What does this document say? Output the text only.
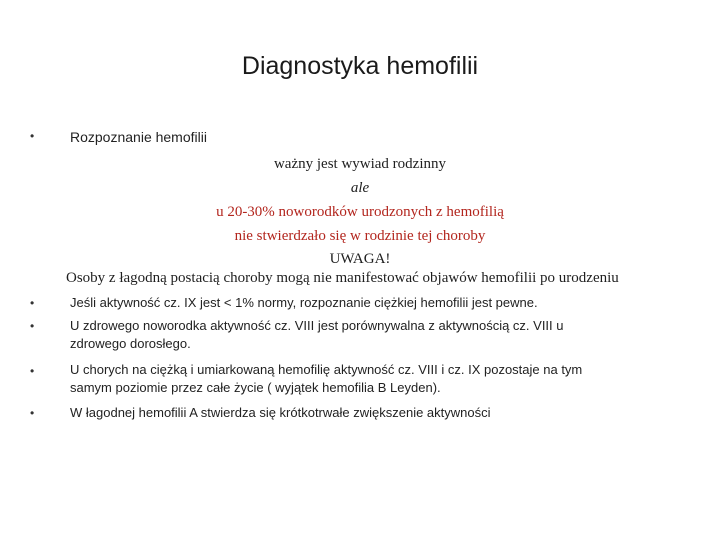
Diagnostyka hemofilii
•	Rozpoznanie hemofilii
ważny jest wywiad rodzinny
ale
u 20-30% noworodków urodzonych z hemofilią
nie stwierdzało się w rodzinie tej choroby
UWAGA!
Osoby z łagodną postacią choroby mogą nie manifestować objawów hemofilii po urodzeniu
•	Jeśli aktywność cz. IX jest < 1% normy, rozpoznanie ciężkiej hemofilii jest pewne.
•	U zdrowego noworodka aktywność cz. VIII jest porównywalna z aktywnością cz. VIII u
zdrowego dorosłego.
•	U chorych na ciężką i umiarkowaną hemofilię aktywność cz. VIII i cz. IX pozostaje na tym
samym poziomie przez całe życie ( wyjątek hemofilia B Leyden).
•	W łagodnej hemofilii A stwierdza się krótkotrwałe zwiększenie aktywności
